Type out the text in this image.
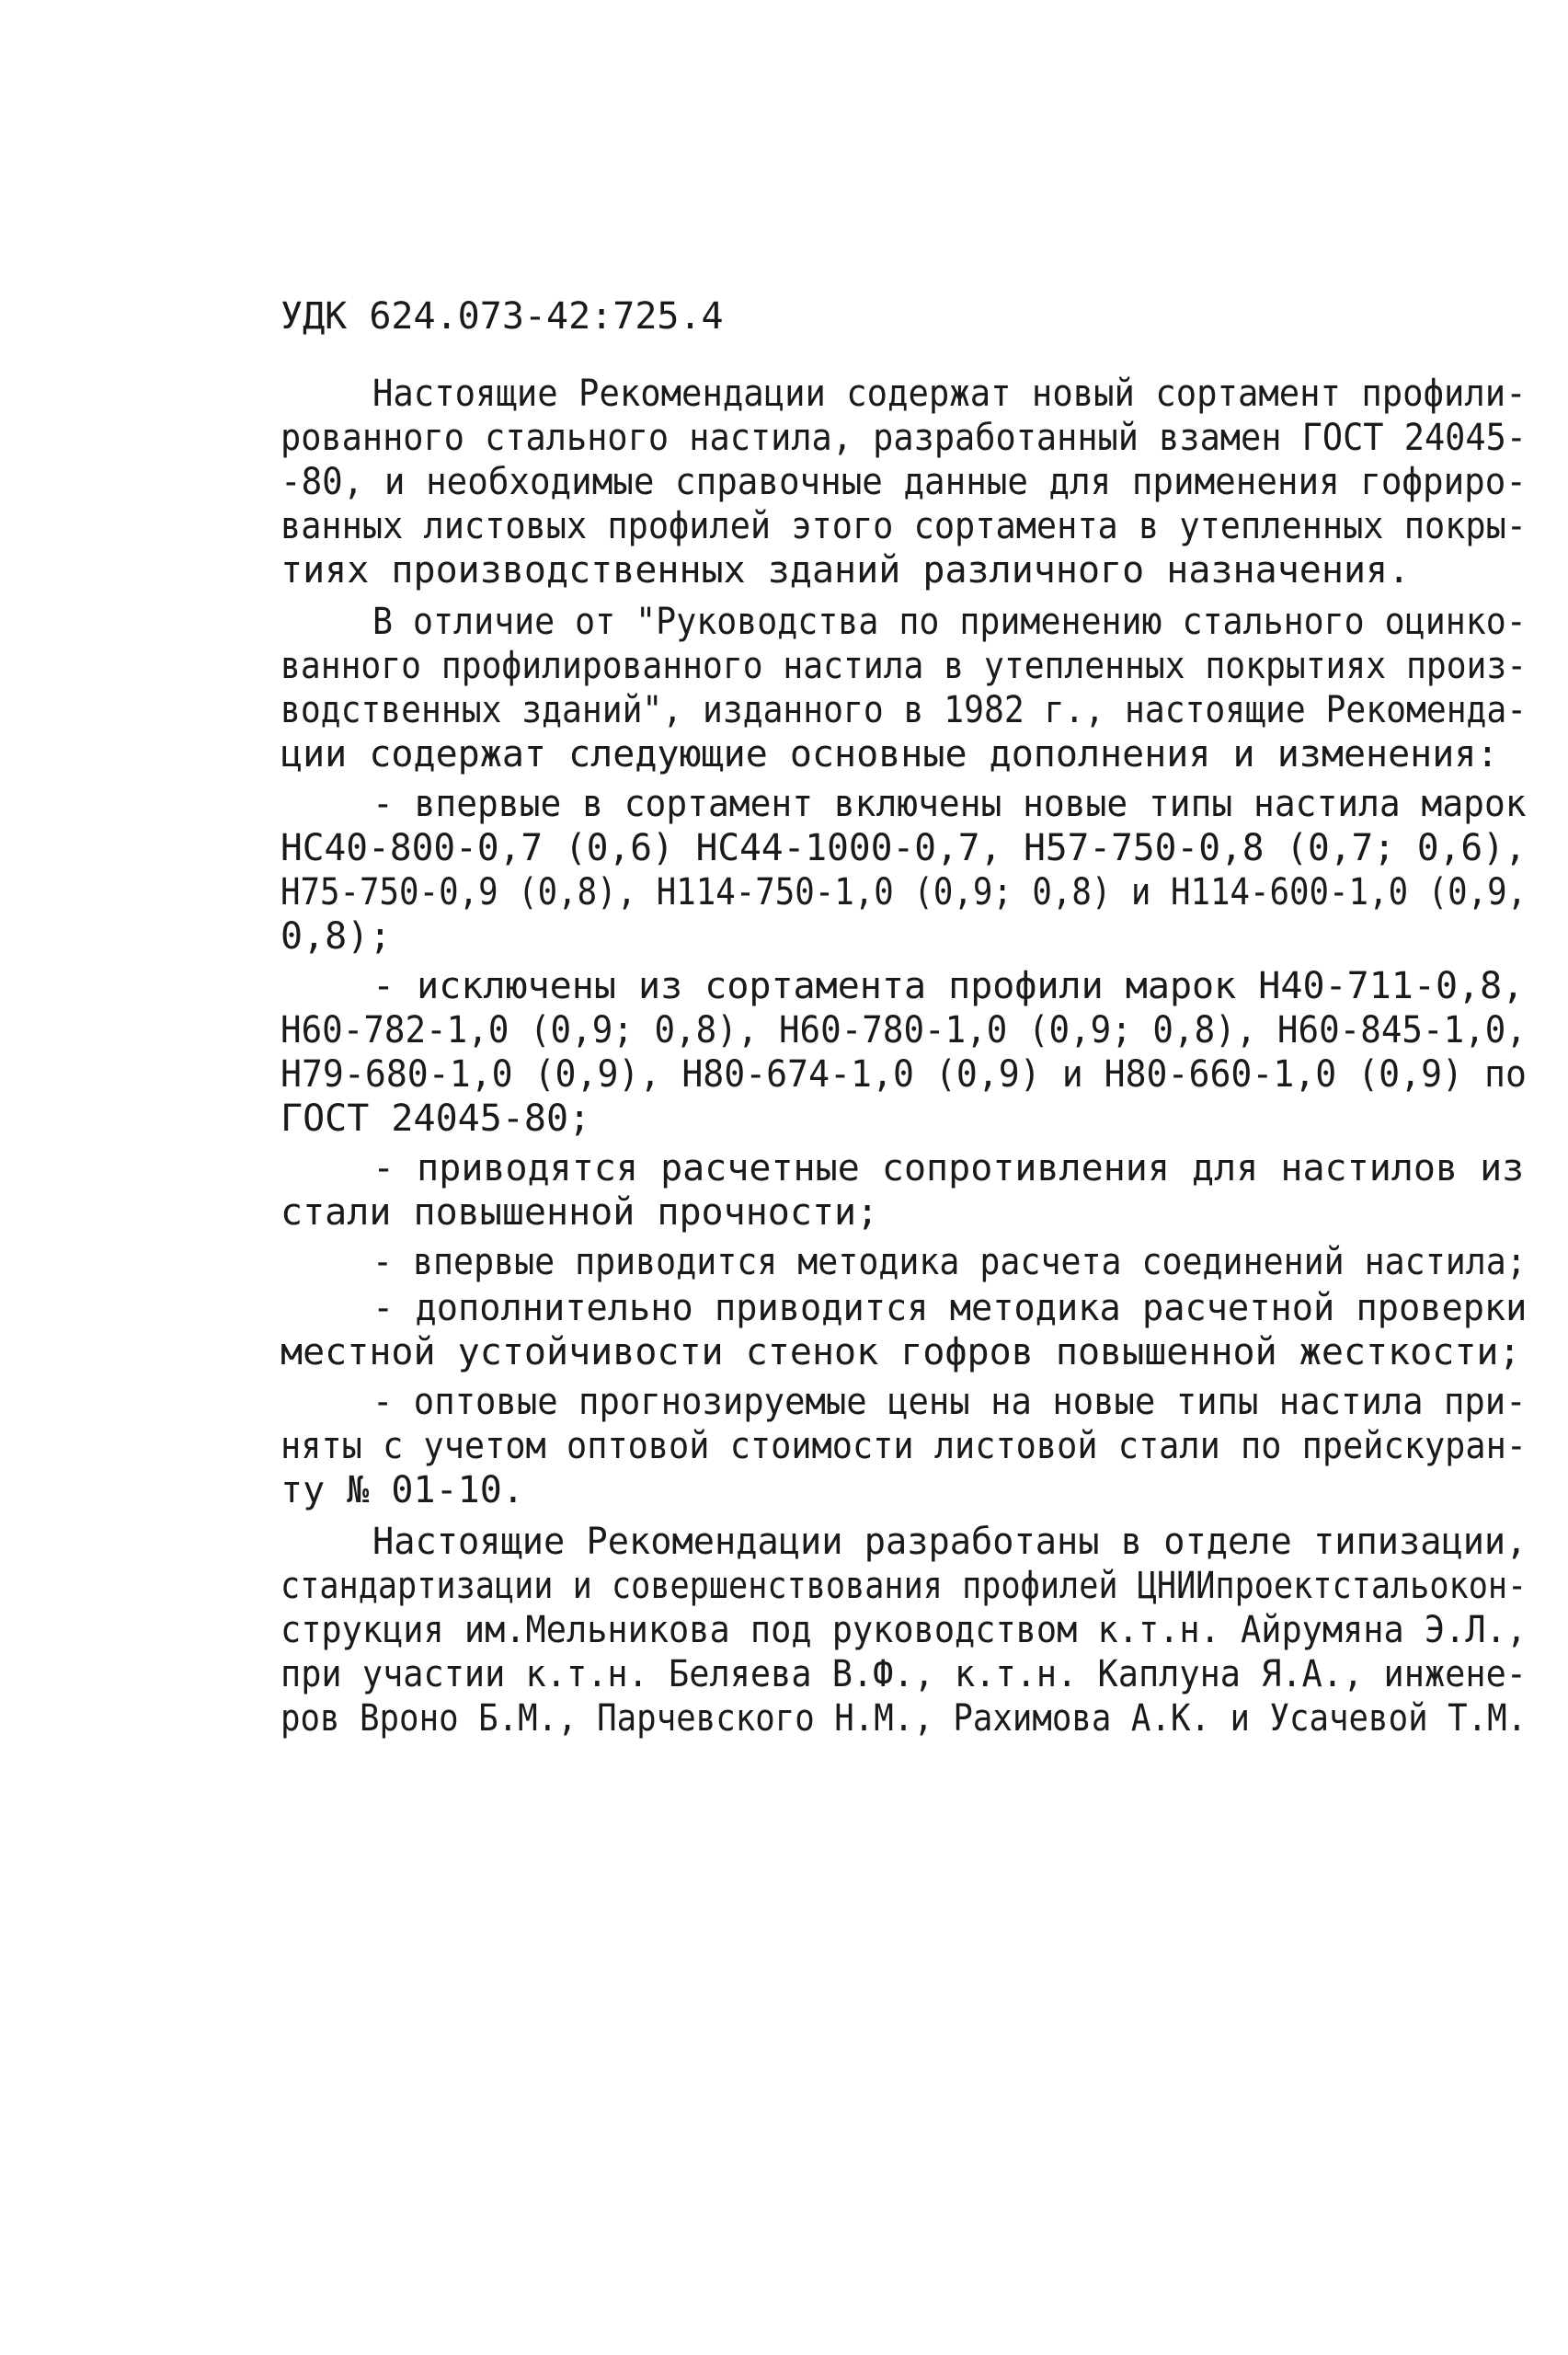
УДК 624.073-42:725.4
Настоящие Рекомендации содержат новый сортамент профили-
рованного стального настила, разработанный взамен ГОСТ 24045-
-80, и необходимые справочные данные для применения гофриро-
ванных листовых профилей этого сортамента в утепленных покры-
тиях производственных зданий различного назначения.
В отличие от "Руководства по применению стального оцинко-
ванного профилированного настила в утепленных покрытиях произ-
водственных зданий", изданного в 1982 г., настоящие Рекоменда-
ции содержат следующие основные дополнения и изменения:
- впервые в сортамент включены новые типы настила марок
НС40-800-0,7 (0,6) НС44-1000-0,7, Н57-750-0,8 (0,7; 0,6),
Н75-750-0,9 (0,8), Н114-750-1,0 (0,9; 0,8) и Н114-600-1,0 (0,9,
0,8);
- исключены из сортамента профили марок Н40-711-0,8,
Н60-782-1,0 (0,9; 0,8), Н60-780-1,0 (0,9; 0,8), Н60-845-1,0,
Н79-680-1,0 (0,9), Н80-674-1,0 (0,9) и Н80-660-1,0 (0,9) по
ГОСТ 24045-80;
- приводятся расчетные сопротивления для настилов из
стали повышенной прочности;
- впервые приводится методика расчета соединений настила;
- дополнительно приводится методика расчетной проверки
местной устойчивости стенок гофров повышенной жесткости;
- оптовые прогнозируемые цены на новые типы настила при-
няты с учетом оптовой стоимости листовой стали по прейскуран-
ту № 01-10.
Настоящие Рекомендации разработаны в отделе типизации,
стандартизации и совершенствования профилей ЦНИИпроектстальокон-
струкция им.Мельникова под руководством к.т.н. Айрумяна Э.Л.,
при участии к.т.н. Беляева В.Ф., к.т.н. Каплуна Я.А., инжене-
ров Вроно Б.М., Парчевского Н.М., Рахимова А.К. и Усачевой Т.М.
